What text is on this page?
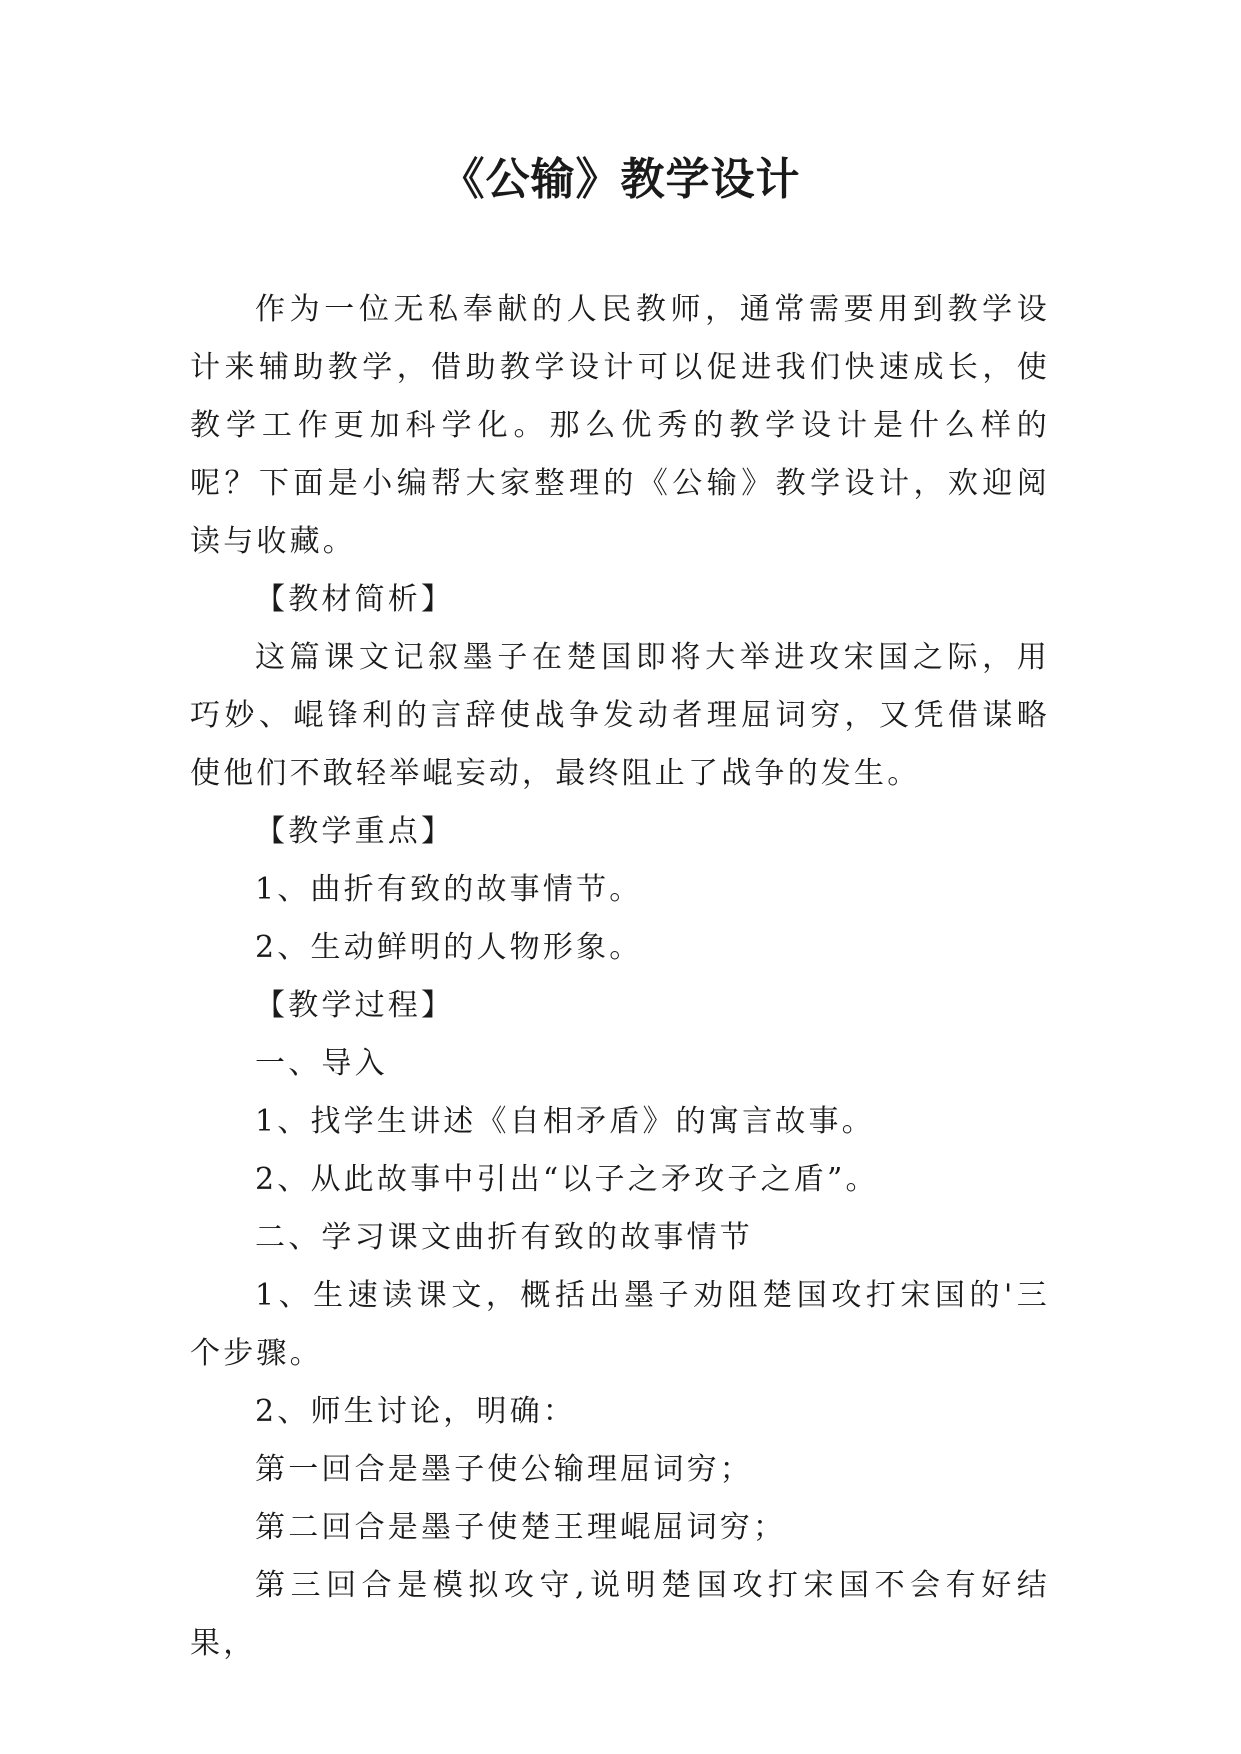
《公输》教学设计

作为一位无私奉献的人民教师，通常需要用到教学设计来辅助教学，借助教学设计可以促进我们快速成长，使教学工作更加科学化。那么优秀的教学设计是什么样的呢？下面是小编帮大家整理的《公输》教学设计，欢迎阅读与收藏。

【教材简析】

这篇课文记叙墨子在楚国即将大举进攻宋国之际，用巧妙、崐锋利的言辞使战争发动者理屈词穷，又凭借谋略使他们不敢轻举崐妄动，最终阻止了战争的发生。

【教学重点】

1、曲折有致的故事情节。

2、生动鲜明的人物形象。

【教学过程】

一、导入

1、找学生讲述《自相矛盾》的寓言故事。

2、从此故事中引出“以子之矛攻子之盾”。

二、学习课文曲折有致的故事情节

1、生速读课文，概括出墨子劝阻楚国攻打宋国的'三个步骤。

2、师生讨论，明确：

第一回合是墨子使公输理屈词穷；

第二回合是墨子使楚王理崐屈词穷；

第三回合是模拟攻守,说明楚国攻打宋国不会有好结果，
